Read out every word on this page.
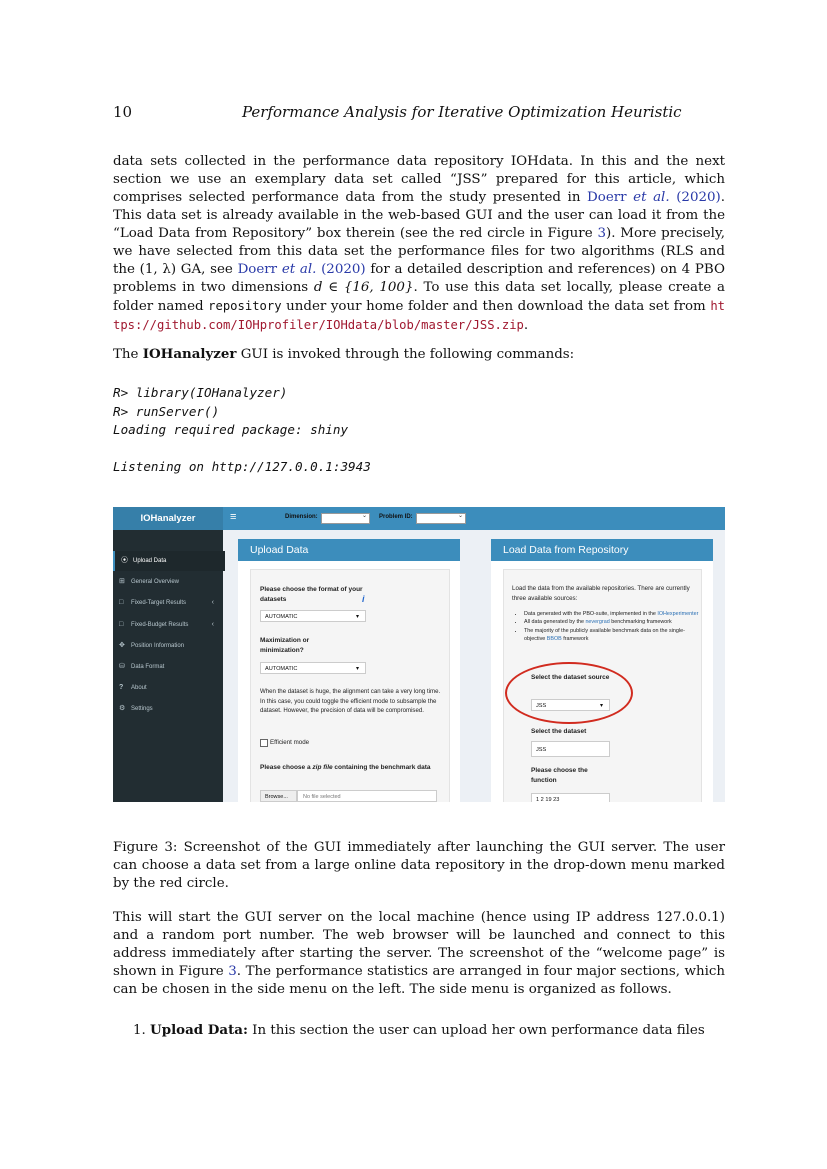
10	Performance Analysis for Iterative Optimization Heuristic

data sets collected in the performance data repository IOHdata. In this and the next section we use an exemplary data set called “JSS” prepared for this article, which comprises selected performance data from the study presented in Doerr et al. (2020). This data set is already available in the web-based GUI and the user can load it from the “Load Data from Repository” box therein (see the red circle in Figure 3). More precisely, we have selected from this data set the performance files for two algorithms (RLS and the (1, λ) GA, see Doerr et al. (2020) for a detailed description and references) on 4 PBO problems in two dimensions d ∈ {16, 100}. To use this data set locally, please create a folder named repository under your home folder and then download the data set from https://github.com/IOHprofiler/IOHdata/blob/master/JSS.zip.

The IOHanalyzer GUI is invoked through the following commands:

R> library(IOHanalyzer)
R> runServer()
Loading required package: shiny

Listening on http://127.0.0.1:3943
IOHanalyzer	≡	Dimension:	⌄ Problem ID:	⌄
⦿ Upload Data
⊞ General Overview
□ Fixed-Target Results	‹
□ Fixed-Budget Results	‹
✥ Position Information
⛁ Data Format
? About
⚙ Settings
Upload Data

Please choose the format of your datasets	i
AUTOMATIC	▾

Maximization or minimization?

AUTOMATIC	▾

When the dataset is huge, the alignment can take a very long time. In this case, you could toggle the efficient mode to subsample the dataset. However, the precision of data will be compromised.

Efficient mode

Please choose a zip file containing the benchmark data

Browse...	No file selected
Load Data from Repository

Load the data from the available repositories. There are currently three available sources:

• Data generated with the PBO-suite, implemented in the IOHexperimenter
• All data generated by the nevergrad benchmarking framework
• The majority of the publicly available benchmark data on the single-objective BBOB framework

Select the dataset source

JSS	▾

Select the dataset

JSS

Please choose the function

1 2 19 23

Figure 3: Screenshot of the GUI immediately after launching the GUI server. The user can choose a data set from a large online data repository in the drop-down menu marked by the red circle.

This will start the GUI server on the local machine (hence using IP address 127.0.0.1) and a random port number. The web browser will be launched and connect to this address immediately after starting the server. The screenshot of the “welcome page” is shown in Figure 3. The performance statistics are arranged in four major sections, which can be chosen in the side menu on the left. The side menu is organized as follows.

1. Upload Data: In this section the user can upload her own performance data files
